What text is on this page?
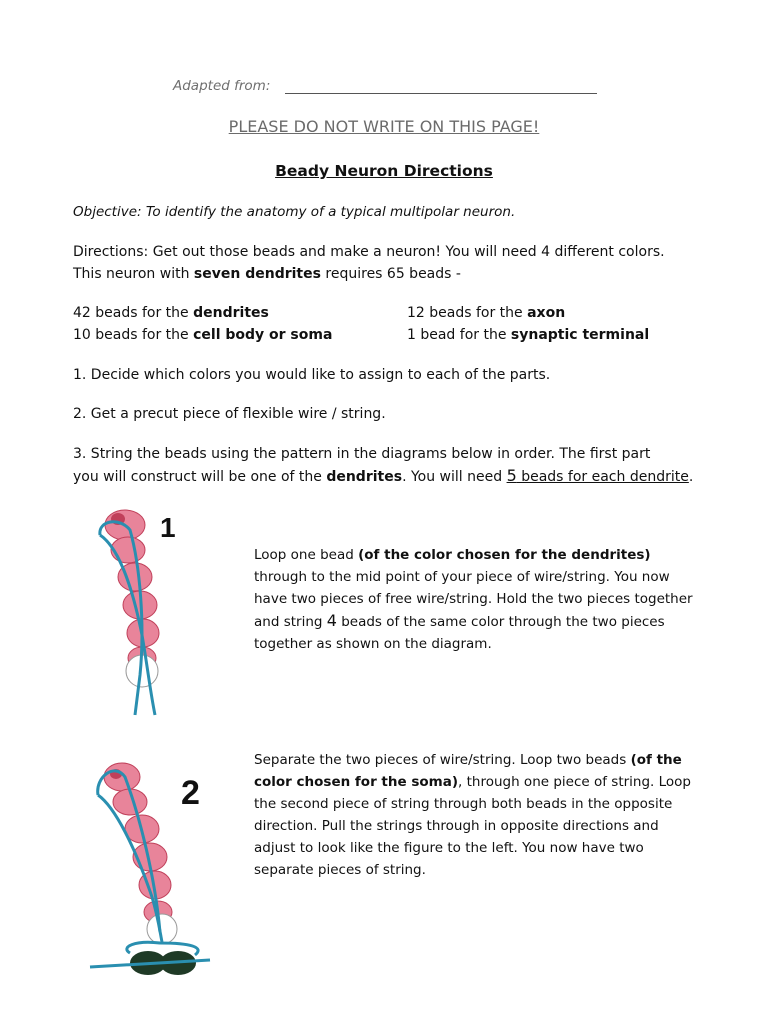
Adapted from:
PLEASE DO NOT WRITE ON THIS PAGE!
Beady Neuron Directions
Objective: To identify the anatomy of a typical multipolar neuron.
Directions: Get out those beads and make a neuron! You will need 4 different colors.
This neuron with seven dendrites requires 65 beads -
42 beads for the dendrites	12 beads for the axon
10 beads for the cell body or soma	1 bead for the synaptic terminal
1. Decide which colors you would like to assign to each of the parts.
2. Get a precut piece of flexible wire / string.
3. String the beads using the pattern in the diagrams below in order. The first part
you will construct will be one of the dendrites. You will need 5 beads for each dendrite.
1
Loop one bead (of the color chosen for the dendrites) through to the mid point of your piece of wire/string. You now have two pieces of free wire/string. Hold the two pieces together and string 4 beads of the same color through the two pieces together as shown on the diagram.
2
Separate the two pieces of wire/string. Loop two beads (of the color chosen for the soma), through one piece of string. Loop the second piece of string through both beads in the opposite direction. Pull the strings through in opposite directions and adjust to look like the figure to the left. You now have two separate pieces of string.
